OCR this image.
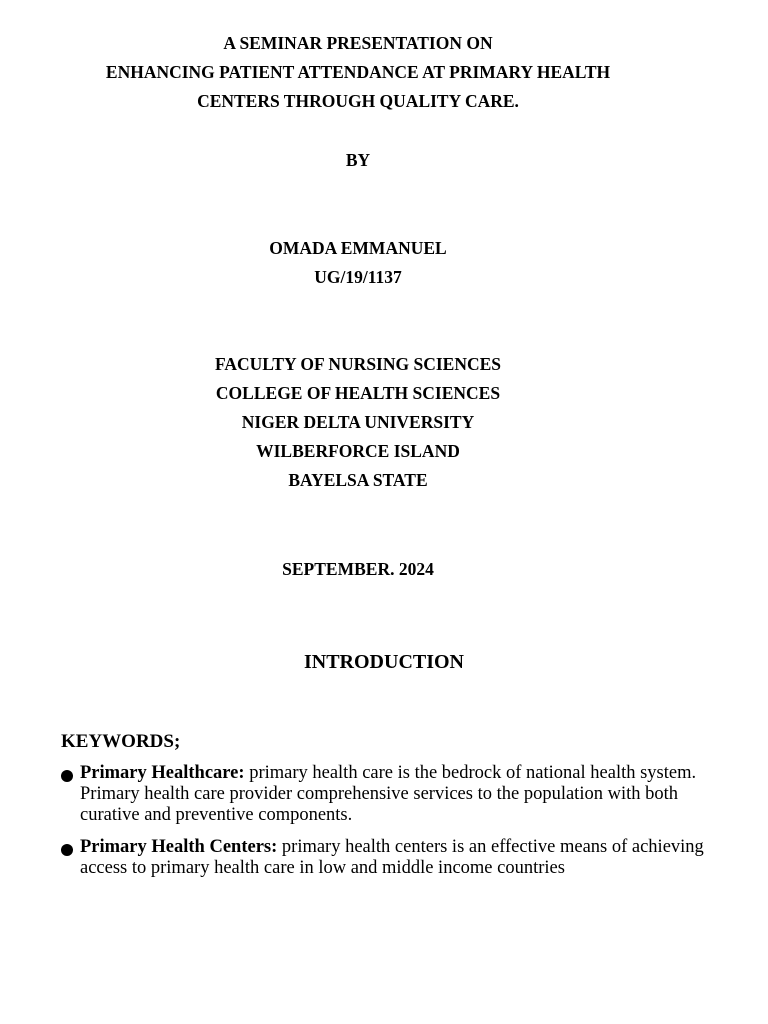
A SEMINAR PRESENTATION ON
ENHANCING PATIENT ATTENDANCE AT PRIMARY HEALTH
CENTERS THROUGH QUALITY CARE.
BY
OMADA EMMANUEL
UG/19/1137
FACULTY OF NURSING SCIENCES
COLLEGE OF HEALTH SCIENCES
NIGER DELTA UNIVERSITY
WILBERFORCE ISLAND
BAYELSA STATE
SEPTEMBER. 2024
INTRODUCTION
KEYWORDS;
Primary Healthcare: primary health care is the bedrock of national health system. Primary health care provider comprehensive services to the population with both curative and preventive components.
Primary Health Centers: primary health centers is an effective means of achieving access to primary health care in low and middle income countries
